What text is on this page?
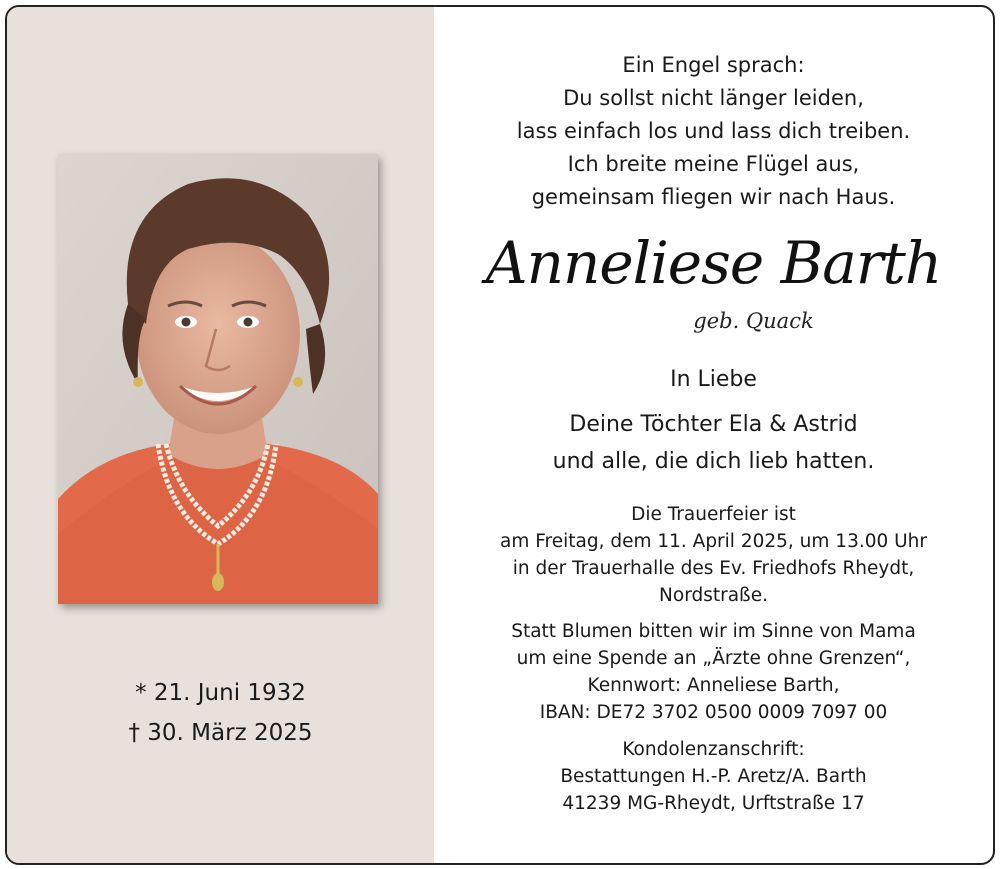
* 21. Juni 1932
† 30. März 2025
Ein Engel sprach:
Du sollst nicht länger leiden,
lass einfach los und lass dich treiben.
Ich breite meine Flügel aus,
gemeinsam fliegen wir nach Haus.
Anneliese Barth
geb. Quack
In Liebe
Deine Töchter Ela & Astrid
und alle, die dich lieb hatten.
Die Trauerfeier ist
am Freitag, dem 11. April 2025, um 13.00 Uhr
in der Trauerhalle des Ev. Friedhofs Rheydt,
Nordstraße.
Statt Blumen bitten wir im Sinne von Mama
um eine Spende an „Ärzte ohne Grenzen“,
Kennwort: Anneliese Barth,
IBAN: DE72 3702 0500 0009 7097 00
Kondolenzanschrift:
Bestattungen H.-P. Aretz/A. Barth
41239 MG-Rheydt, Urftstraße 17
